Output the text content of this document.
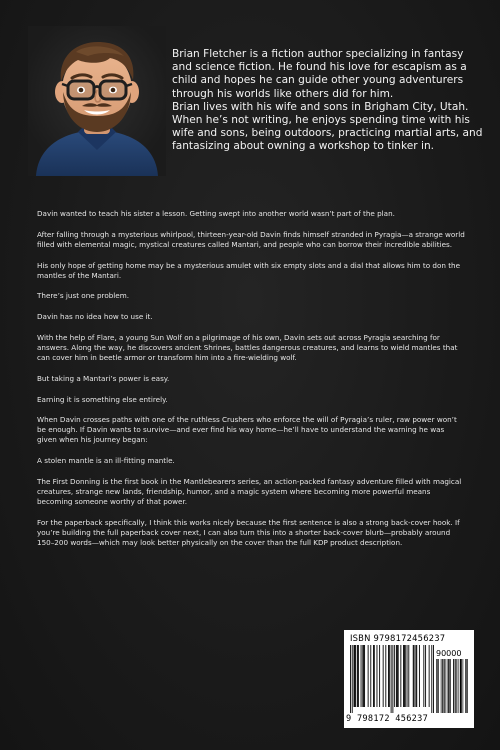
Brian Fletcher is a fiction author specializing in fantasy and science fiction. He found his love for escapism as a child and hopes he can guide other young adventurers through his worlds like others did for him.

Brian lives with his wife and sons in Brigham City, Utah. When he’s not writing, he enjoys spending time with his wife and sons, being outdoors, practicing martial arts, and fantasizing about owning a workshop to tinker in.

Davin wanted to teach his sister a lesson. Getting swept into another world wasn’t part of the plan.

After falling through a mysterious whirlpool, thirteen-year-old Davin finds himself stranded in Pyragia—a strange world filled with elemental magic, mystical creatures called Mantari, and people who can borrow their incredible abilities.

His only hope of getting home may be a mysterious amulet with six empty slots and a dial that allows him to don the mantles of the Mantari.

There’s just one problem.

Davin has no idea how to use it.

With the help of Flare, a young Sun Wolf on a pilgrimage of his own, Davin sets out across Pyragia searching for answers. Along the way, he discovers ancient Shrines, battles dangerous creatures, and learns to wield mantles that can cover him in beetle armor or transform him into a fire-wielding wolf.

But taking a Mantari’s power is easy.

Earning it is something else entirely.

When Davin crosses paths with one of the ruthless Crushers who enforce the will of Pyragia’s ruler, raw power won’t be enough. If Davin wants to survive—and ever find his way home—he’ll have to understand the warning he was given when his journey began:

A stolen mantle is an ill-fitting mantle.

The First Donning is the first book in the Mantlebearers series, an action-packed fantasy adventure filled with magical creatures, strange new lands, friendship, humor, and a magic system where becoming more powerful means becoming someone worthy of that power.

For the paperback specifically, I think this works nicely because the first sentence is also a strong back-cover hook. If you’re building the full paperback cover next, I can also turn this into a shorter back-cover blurb—probably around 150–200 words—which may look better physically on the cover than the full KDP product description.

ISBN 9798172456237
90000
9 798172 456237
